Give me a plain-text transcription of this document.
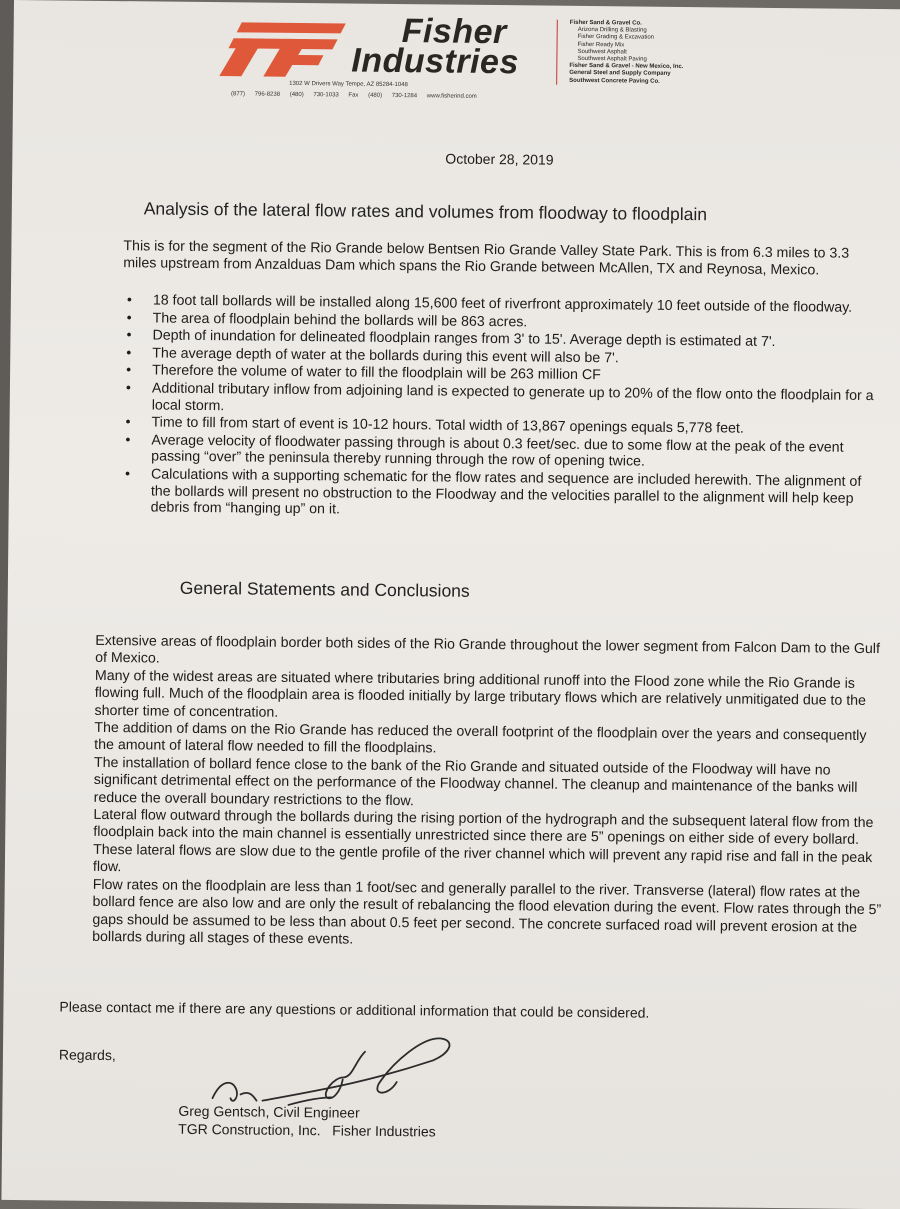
Fisher
Industries
1302 W Drivers Way Tempe, AZ 85284-1048
(877) 796-8238 (480) 730-1033 Fax (480) 730-1284 www.fisherind.com
Fisher Sand & Gravel Co.
Arizona Drilling & Blasting
Fisher Grading & Excavation
Fisher Ready Mix
Southwest Asphalt
Southwest Asphalt Paving
Fisher Sand & Gravel - New Mexico, Inc.
General Steel and Supply Company
Southwest Concrete Paving Co.
October 28, 2019
Analysis of the lateral flow rates and volumes from floodway to floodplain
This is for the segment of the Rio Grande below Bentsen Rio Grande Valley State Park. This is from 6.3 miles to 3.3 miles upstream from Anzalduas Dam which spans the Rio Grande between McAllen, TX and Reynosa, Mexico.
• 18 foot tall bollards will be installed along 15,600 feet of riverfront approximately 10 feet outside of the floodway.
• The area of floodplain behind the bollards will be 863 acres.
• Depth of inundation for delineated floodplain ranges from 3' to 15'. Average depth is estimated at 7'.
• The average depth of water at the bollards during this event will also be 7'.
• Therefore the volume of water to fill the floodplain will be 263 million CF
• Additional tributary inflow from adjoining land is expected to generate up to 20% of the flow onto the floodplain for a local storm.
• Time to fill from start of event is 10-12 hours. Total width of 13,867 openings equals 5,778 feet.
• Average velocity of floodwater passing through is about 0.3 feet/sec. due to some flow at the peak of the event passing “over” the peninsula thereby running through the row of opening twice.
• Calculations with a supporting schematic for the flow rates and sequence are included herewith. The alignment of the bollards will present no obstruction to the Floodway and the velocities parallel to the alignment will help keep debris from “hanging up” on it.
General Statements and Conclusions

Extensive areas of floodplain border both sides of the Rio Grande throughout the lower segment from Falcon Dam to the Gulf of Mexico.

Many of the widest areas are situated where tributaries bring additional runoff into the Flood zone while the Rio Grande is flowing full. Much of the floodplain area is flooded initially by large tributary flows which are relatively unmitigated due to the shorter time of concentration.

The addition of dams on the Rio Grande has reduced the overall footprint of the floodplain over the years and consequently the amount of lateral flow needed to fill the floodplains.

The installation of bollard fence close to the bank of the Rio Grande and situated outside of the Floodway will have no significant detrimental effect on the performance of the Floodway channel. The cleanup and maintenance of the banks will reduce the overall boundary restrictions to the flow.

Lateral flow outward through the bollards during the rising portion of the hydrograph and the subsequent lateral flow from the floodplain back into the main channel is essentially unrestricted since there are 5” openings on either side of every bollard. These lateral flows are slow due to the gentle profile of the river channel which will prevent any rapid rise and fall in the peak flow.

Flow rates on the floodplain are less than 1 foot/sec and generally parallel to the river. Transverse (lateral) flow rates at the bollard fence are also low and are only the result of rebalancing the flood elevation during the event. Flow rates through the 5” gaps should be assumed to be less than about 0.5 feet per second. The concrete surfaced road will prevent erosion at the bollards during all stages of these events.

Please contact me if there are any questions or additional information that could be considered.
Regards,
Greg Gentsch, Civil Engineer
TGR Construction, Inc.   Fisher Industries
